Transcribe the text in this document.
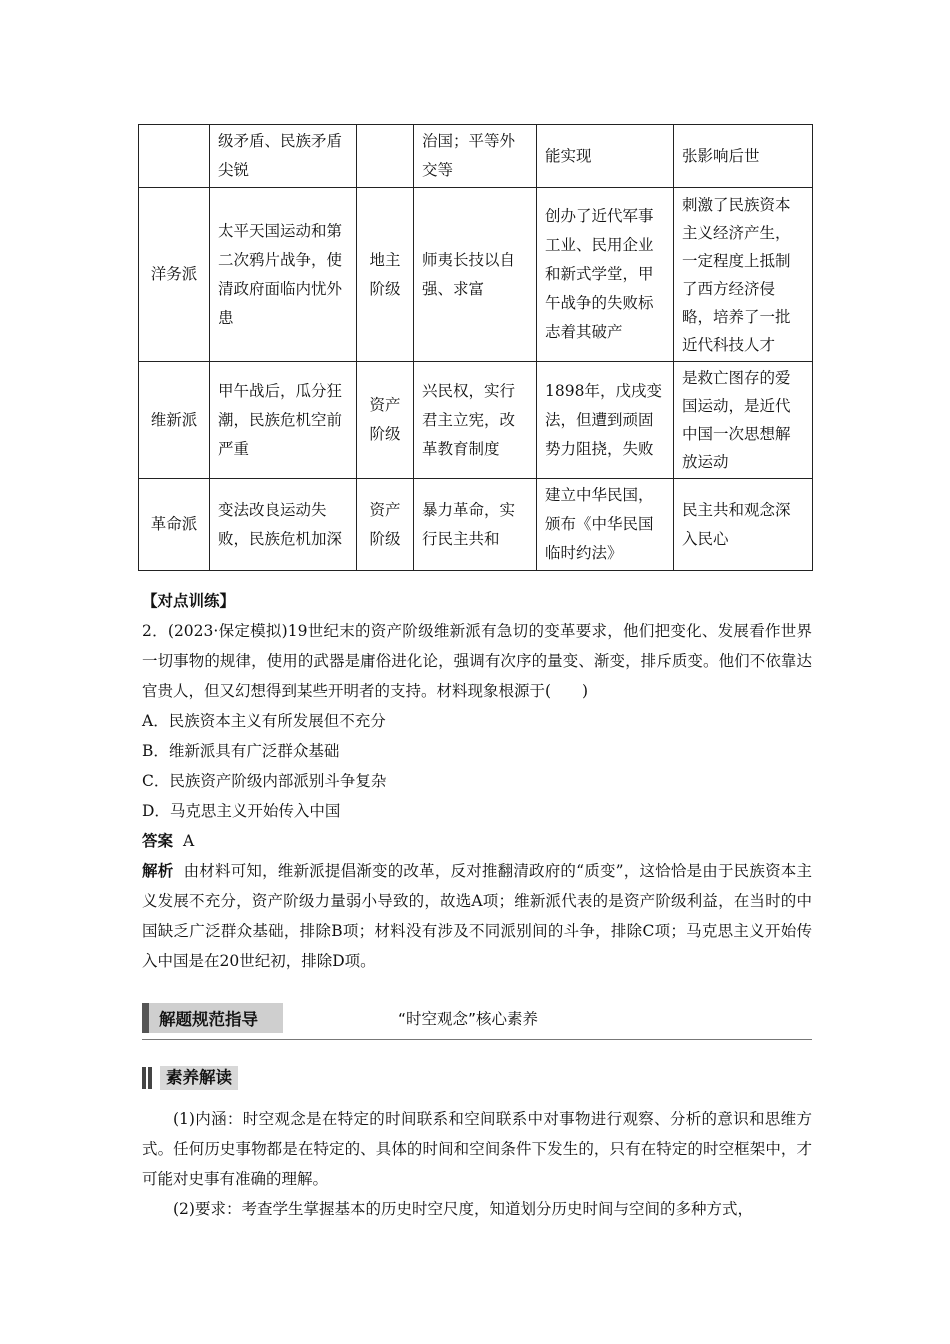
	级矛盾、民族矛盾尖锐		治国；平等外交等	能实现	张影响后世
洋务派	太平天国运动和第二次鸦片战争，使清政府面临内忧外患	地主阶级	师夷长技以自强、求富	创办了近代军事工业、民用企业和新式学堂，甲午战争的失败标志着其破产	刺激了民族资本主义经济产生，一定程度上抵制了西方经济侵略，培养了一批近代科技人才
维新派	甲午战后，瓜分狂潮，民族危机空前严重	资产阶级	兴民权，实行君主立宪，改革教育制度	1898年，戊戌变法，但遭到顽固势力阻挠，失败	是救亡图存的爱国运动，是近代中国一次思想解放运动
革命派	变法改良运动失败，民族危机加深	资产阶级	暴力革命，实行民主共和	建立中华民国，颁布《中华民国临时约法》	民主共和观念深入民心

【对点训练】

2．(2023·保定模拟)19世纪末的资产阶级维新派有急切的变革要求，他们把变化、发展看作世界一切事物的规律，使用的武器是庸俗进化论，强调有次序的量变、渐变，排斥质变。他们不依靠达官贵人，但又幻想得到某些开明者的支持。材料现象根源于(　　)

A．民族资本主义有所发展但不充分

B．维新派具有广泛群众基础

C．民族资产阶级内部派别斗争复杂

D．马克思主义开始传入中国

答案 A

解析 由材料可知，维新派提倡渐变的改革，反对推翻清政府的“质变”，这恰恰是由于民族资本主义发展不充分，资产阶级力量弱小导致的，故选A项；维新派代表的是资产阶级利益，在当时的中国缺乏广泛群众基础，排除B项；材料没有涉及不同派别间的斗争，排除C项；马克思主义开始传入中国是在20世纪初，排除D项。

解题规范指导	“时空观念”核心素养
素养解读

(1)内涵：时空观念是在特定的时间联系和空间联系中对事物进行观察、分析的意识和思维方式。任何历史事物都是在特定的、具体的时间和空间条件下发生的，只有在特定的时空框架中，才可能对史事有准确的理解。

(2)要求：考查学生掌握基本的历史时空尺度，知道划分历史时间与空间的多种方式，
